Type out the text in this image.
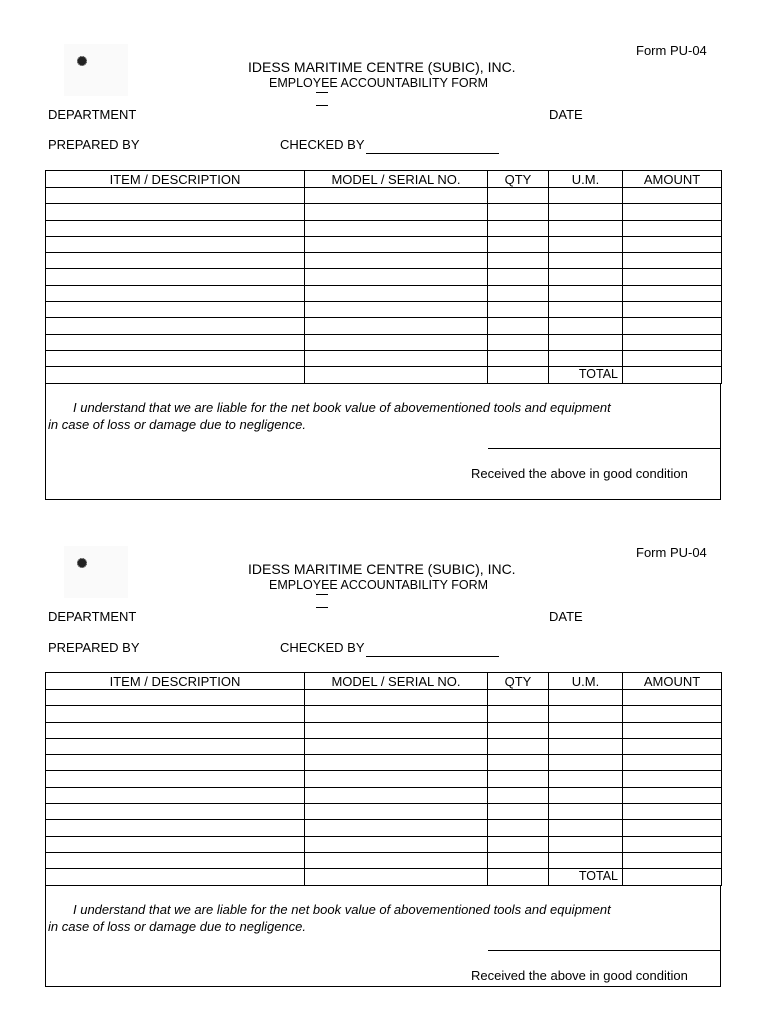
Form PU-04
IDESS MARITIME CENTRE (SUBIC), INC.
EMPLOYEE ACCOUNTABILITY FORM
DEPARTMENT	DATE
PREPARED BY	CHECKED BY
ITEM / DESCRIPTION	MODEL / SERIAL NO.	QTY	U.M.	AMOUNT

			TOTAL	
I understand that we are liable for the net book value of abovementioned tools and equipment
in case of loss or damage due to negligence.
Received the above in good condition
Form PU-04
IDESS MARITIME CENTRE (SUBIC), INC.
EMPLOYEE ACCOUNTABILITY FORM
DEPARTMENT	DATE
PREPARED BY	CHECKED BY
ITEM / DESCRIPTION	MODEL / SERIAL NO.	QTY	U.M.	AMOUNT

			TOTAL	
I understand that we are liable for the net book value of abovementioned tools and equipment
in case of loss or damage due to negligence.
Received the above in good condition
